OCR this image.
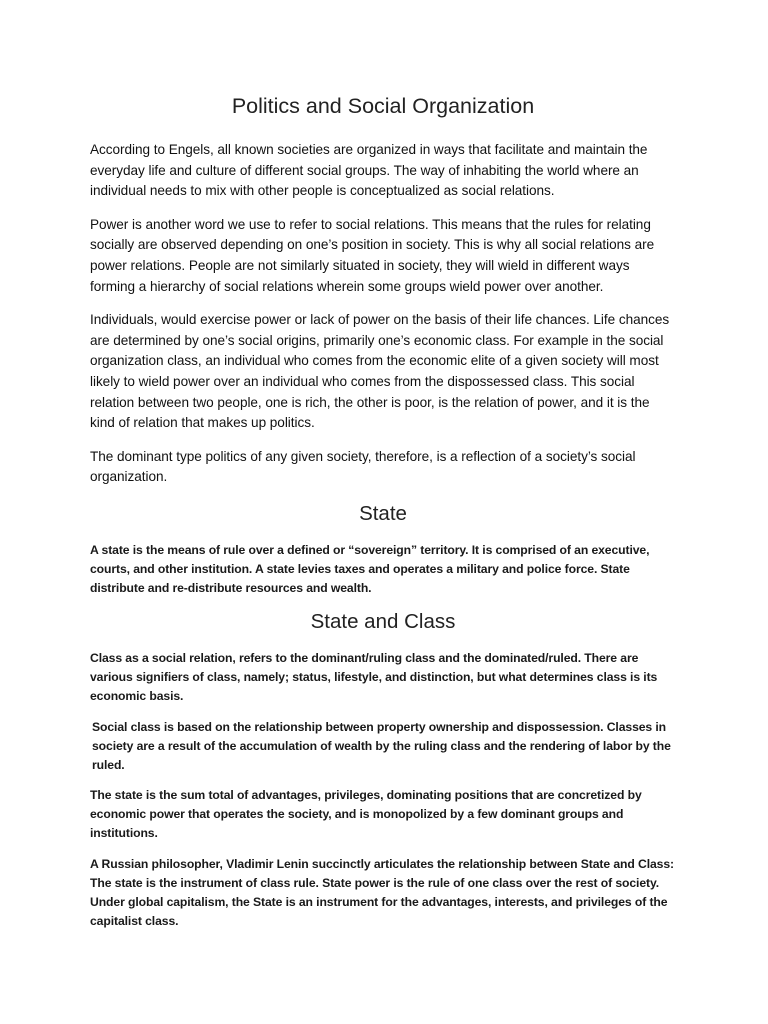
Politics and Social Organization

According to Engels, all known societies are organized in ways that facilitate and maintain the everyday life and culture of different social groups. The way of inhabiting the world where an individual needs to mix with other people is conceptualized as social relations.

Power is another word we use to refer to social relations. This means that the rules for relating socially are observed depending on one’s position in society. This is why all social relations are power relations. People are not similarly situated in society, they will wield in different ways forming a hierarchy of social relations wherein some groups wield power over another.

Individuals, would exercise power or lack of power on the basis of their life chances. Life chances are determined by one’s social origins, primarily one’s economic class. For example in the social organization class, an individual who comes from the economic elite of a given society will most likely to wield power over an individual who comes from the dispossessed class. This social relation between two people, one is rich, the other is poor, is the relation of power, and it is the kind of relation that makes up politics.

The dominant type politics of any given society, therefore, is a reflection of a society’s social organization.

State

A state is the means of rule over a defined or “sovereign” territory. It is comprised of an executive, courts, and other institution. A state levies taxes and operates a military and police force. State distribute and re-distribute resources and wealth.

State and Class

Class as a social relation, refers to the dominant/ruling class and the dominated/ruled. There are various signifiers of class, namely; status, lifestyle, and distinction, but what determines class is its economic basis.

Social class is based on the relationship between property ownership and dispossession. Classes in society are a result of the accumulation of wealth by the ruling class and the rendering of labor by the ruled.

The state is the sum total of advantages, privileges, dominating positions that are concretized by economic power that operates the society, and is monopolized by a few dominant groups and institutions.

A Russian philosopher, Vladimir Lenin succinctly articulates the relationship between State and Class: The state is the instrument of class rule. State power is the rule of one class over the rest of society. Under global capitalism, the State is an instrument for the advantages, interests, and privileges of the capitalist class.
